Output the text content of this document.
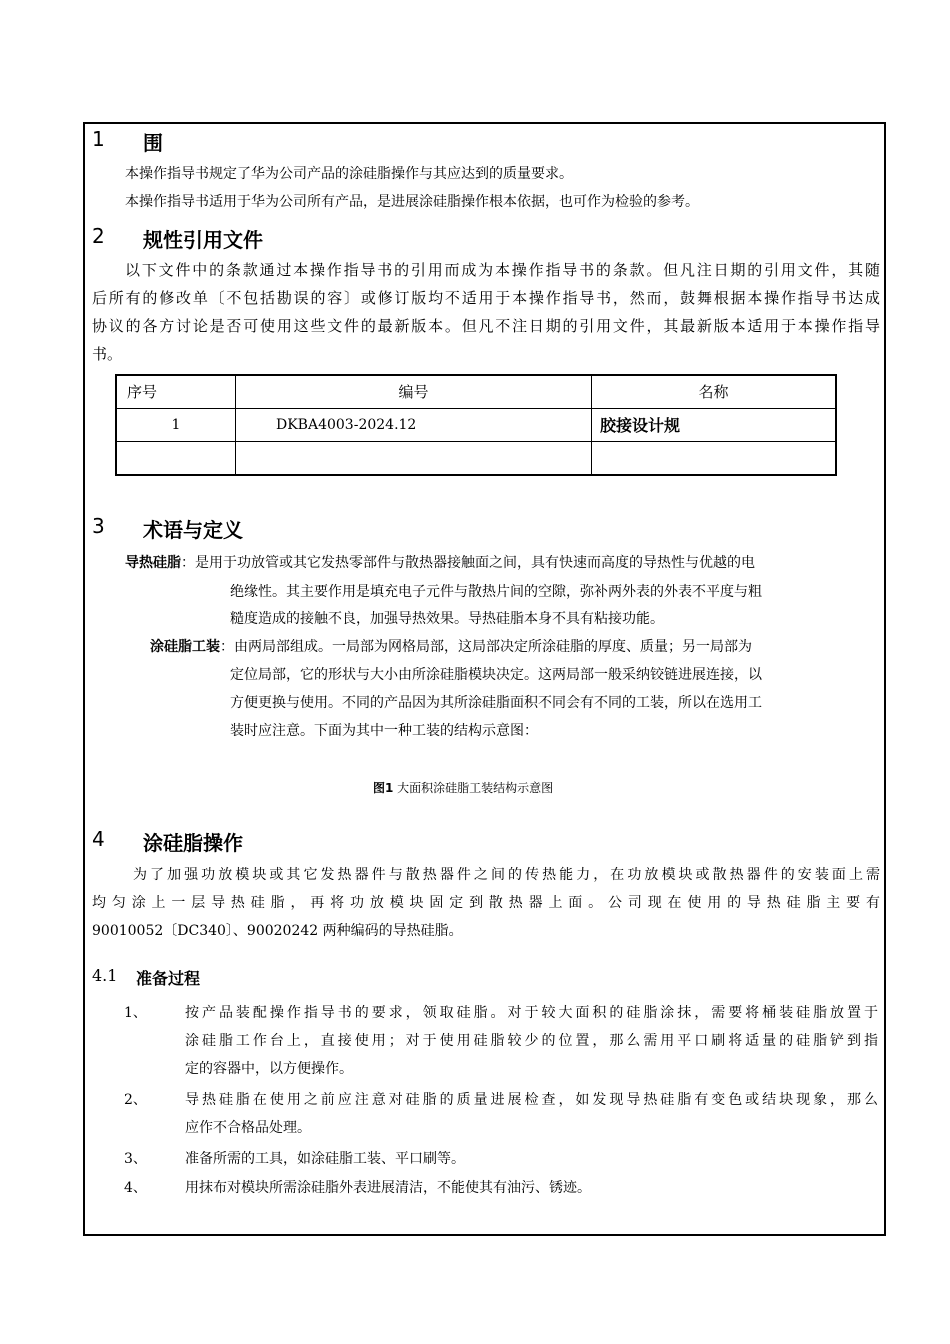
1 围
本操作指导书规定了华为公司产品的涂硅脂操作与其应达到的质量要求。
本操作指导书适用于华为公司所有产品，是进展涂硅脂操作根本依据，也可作为检验的参考。
2 规性引用文件
以下文件中的条款通过本操作指导书的引用而成为本操作指导书的条款。但凡注日期的引用文件，其随
后所有的修改单〔不包括勘误的容〕或修订版均不适用于本操作指导书，然而，鼓舞根据本操作指导书达成
协议的各方讨论是否可使用这些文件的最新版本。但凡不注日期的引用文件，其最新版本适用于本操作指导
书。
序号	编号	名称
1	DKBA4003-2024.12	胶接设计规

3 术语与定义
导热硅脂：是用于功放管或其它发热零部件与散热器接触面之间，具有快速而高度的导热性与优越的电
绝缘性。其主要作用是填充电子元件与散热片间的空隙，弥补两外表的外表不平度与粗
糙度造成的接触不良，加强导热效果。导热硅脂本身不具有粘接功能。
涂硅脂工装：由两局部组成。一局部为网格局部，这局部决定所涂硅脂的厚度、质量；另一局部为
定位局部，它的形状与大小由所涂硅脂模块决定。这两局部一般采纳铰链进展连接，以
方便更换与使用。不同的产品因为其所涂硅脂面积不同会有不同的工装，所以在选用工
装时应注意。下面为其中一种工装的结构示意图：
图1 大面积涂硅脂工装结构示意图
4 涂硅脂操作
为了加强功放模块或其它发热器件与散热器件之间的传热能力，在功放模块或散热器件的安装面上需
均匀涂上一层导热硅脂，再将功放模块固定到散热器上面。公司现在使用的导热硅脂主要有
90010052〔DC340〕、90020242 两种编码的导热硅脂。
4.1 准备过程
1、	按产品装配操作指导书的要求，领取硅脂。对于较大面积的硅脂涂抹，需要将桶装硅脂放置于
涂硅脂工作台上，直接使用；对于使用硅脂较少的位置，那么需用平口刷将适量的硅脂铲到指
定的容器中，以方便操作。
2、	导热硅脂在使用之前应注意对硅脂的质量进展检查，如发现导热硅脂有变色或结块现象，那么
应作不合格品处理。
3、	准备所需的工具，如涂硅脂工装、平口刷等。
4、	用抹布对模块所需涂硅脂外表进展清洁，不能使其有油污、锈迹。
